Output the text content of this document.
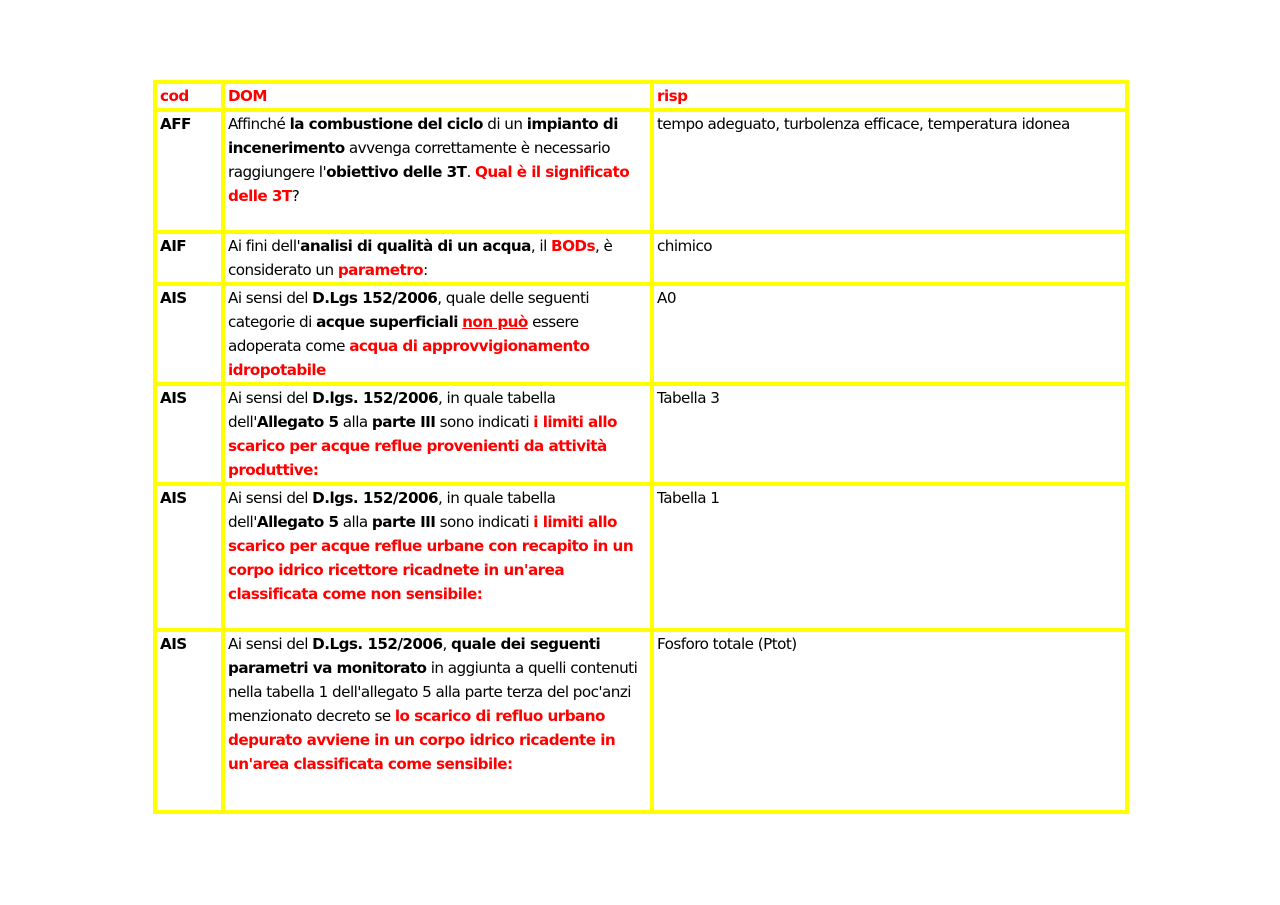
cod	DOM	risp
AFF	Affinché la combustione del ciclo di un impianto di incenerimento avvenga correttamente è necessario raggiungere l'obiettivo delle 3T. Qual è il significato delle 3T?	tempo adeguato, turbolenza efficace, temperatura idonea
AIF	Ai fini dell'analisi di qualità di un acqua, il BODs, è considerato un parametro:	chimico
AIS	Ai sensi del D.Lgs 152/2006, quale delle seguenti categorie di acque superficiali non può essere adoperata come acqua di approvvigionamento idropotabile	A0
AIS	Ai sensi del D.lgs. 152/2006, in quale tabella dell'Allegato 5 alla parte III sono indicati i limiti allo scarico per acque reflue provenienti da attività produttive:	Tabella 3
AIS	Ai sensi del D.lgs. 152/2006, in quale tabella dell'Allegato 5 alla parte III sono indicati i limiti allo scarico per acque reflue urbane con recapito in un corpo idrico ricettore ricadnete in un'area classificata come non sensibile:	Tabella 1
AIS	Ai sensi del D.Lgs. 152/2006, quale dei seguenti parametri va monitorato in aggiunta a quelli contenuti nella tabella 1 dell'allegato 5 alla parte terza del poc'anzi menzionato decreto se lo scarico di refluo urbano depurato avviene in un corpo idrico ricadente in un'area classificata come sensibile:	Fosforo totale (Ptot)
